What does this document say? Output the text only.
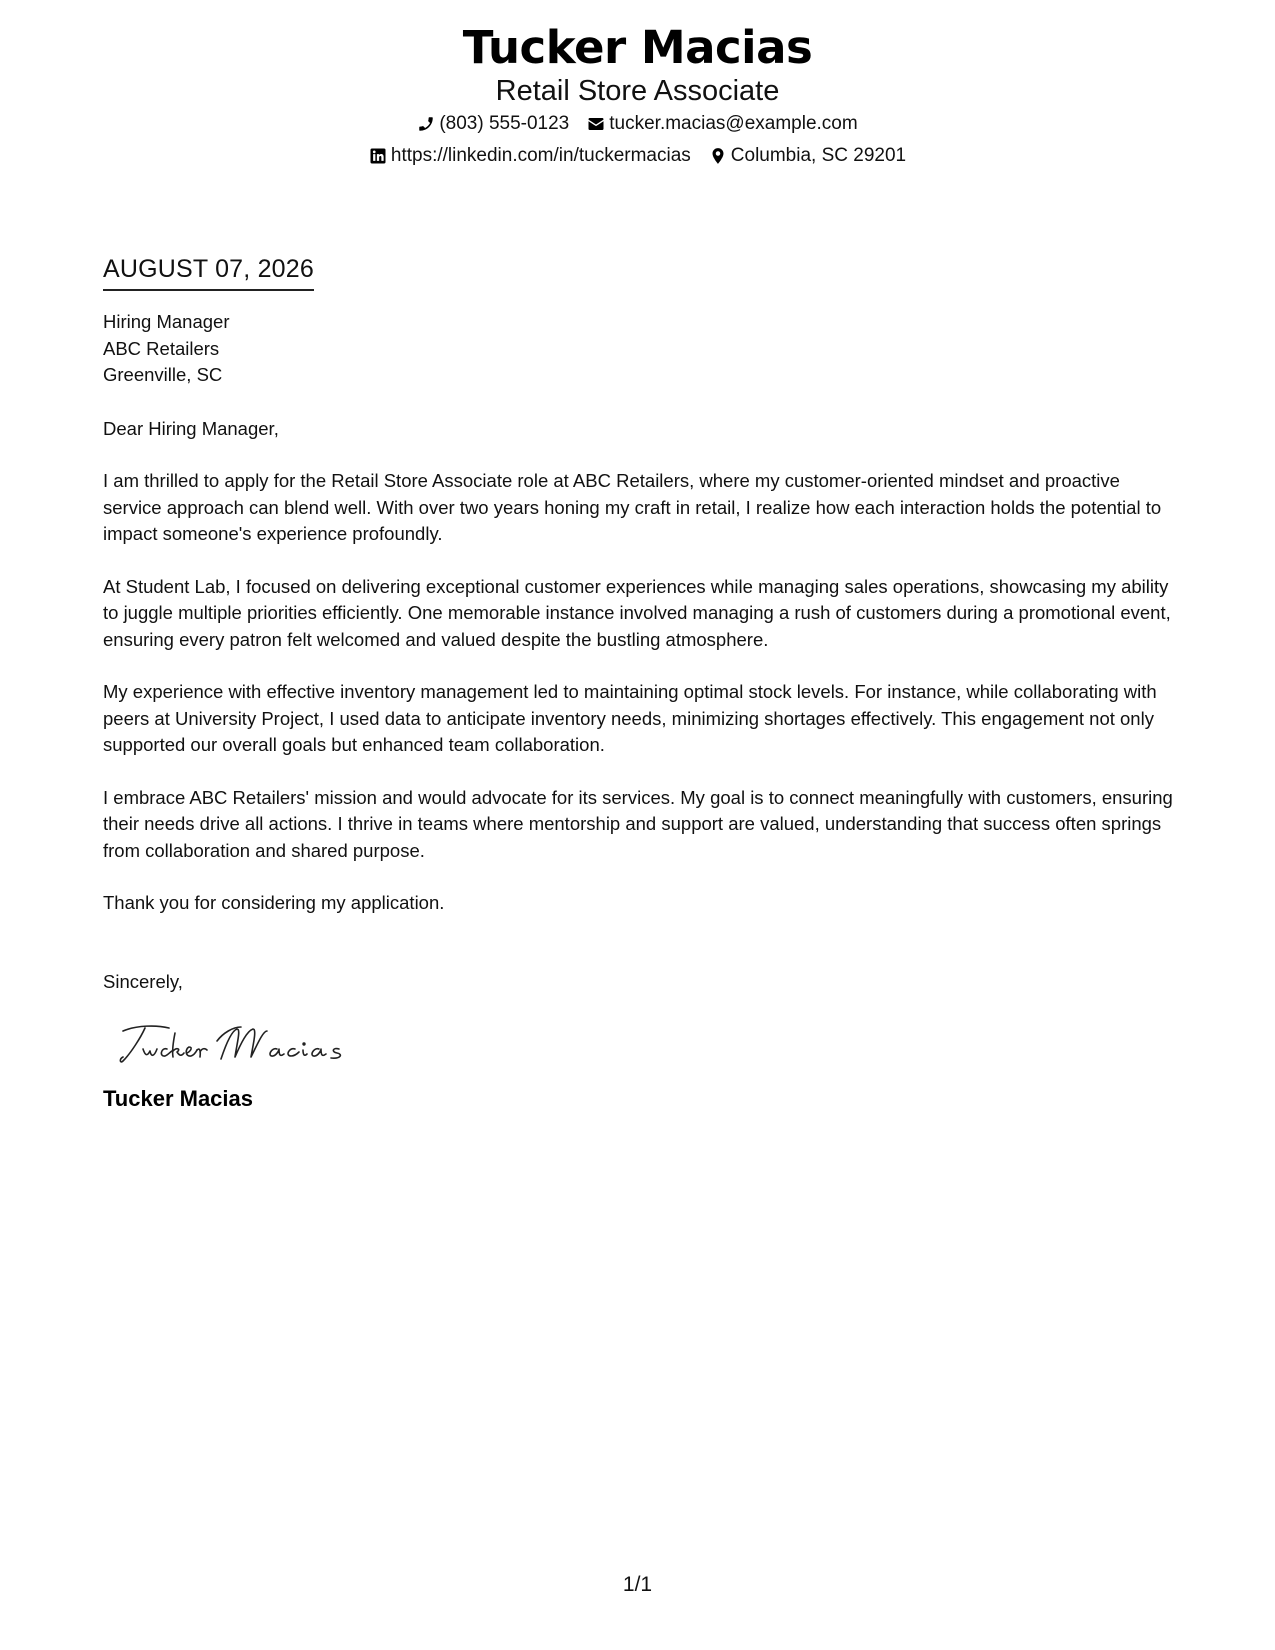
Tucker Macias
Retail Store Associate
(803) 555-0123 tucker.macias@example.com
https://linkedin.com/in/tuckermacias Columbia, SC 29201
AUGUST 07, 2026
Hiring Manager
ABC Retailers
Greenville, SC
Dear Hiring Manager,
I am thrilled to apply for the Retail Store Associate role at ABC Retailers, where my customer-oriented mindset and proactive service approach can blend well. With over two years honing my craft in retail, I realize how each interaction holds the potential to impact someone's experience profoundly.
At Student Lab, I focused on delivering exceptional customer experiences while managing sales operations, showcasing my ability to juggle multiple priorities efficiently. One memorable instance involved managing a rush of customers during a promotional event, ensuring every patron felt welcomed and valued despite the bustling atmosphere.
My experience with effective inventory management led to maintaining optimal stock levels. For instance, while collaborating with peers at University Project, I used data to anticipate inventory needs, minimizing shortages effectively. This engagement not only supported our overall goals but enhanced team collaboration.
I embrace ABC Retailers' mission and would advocate for its services. My goal is to connect meaningfully with customers, ensuring their needs drive all actions. I thrive in teams where mentorship and support are valued, understanding that success often springs from collaboration and shared purpose.
Thank you for considering my application.
Sincerely,
Tucker Macias
1/1
